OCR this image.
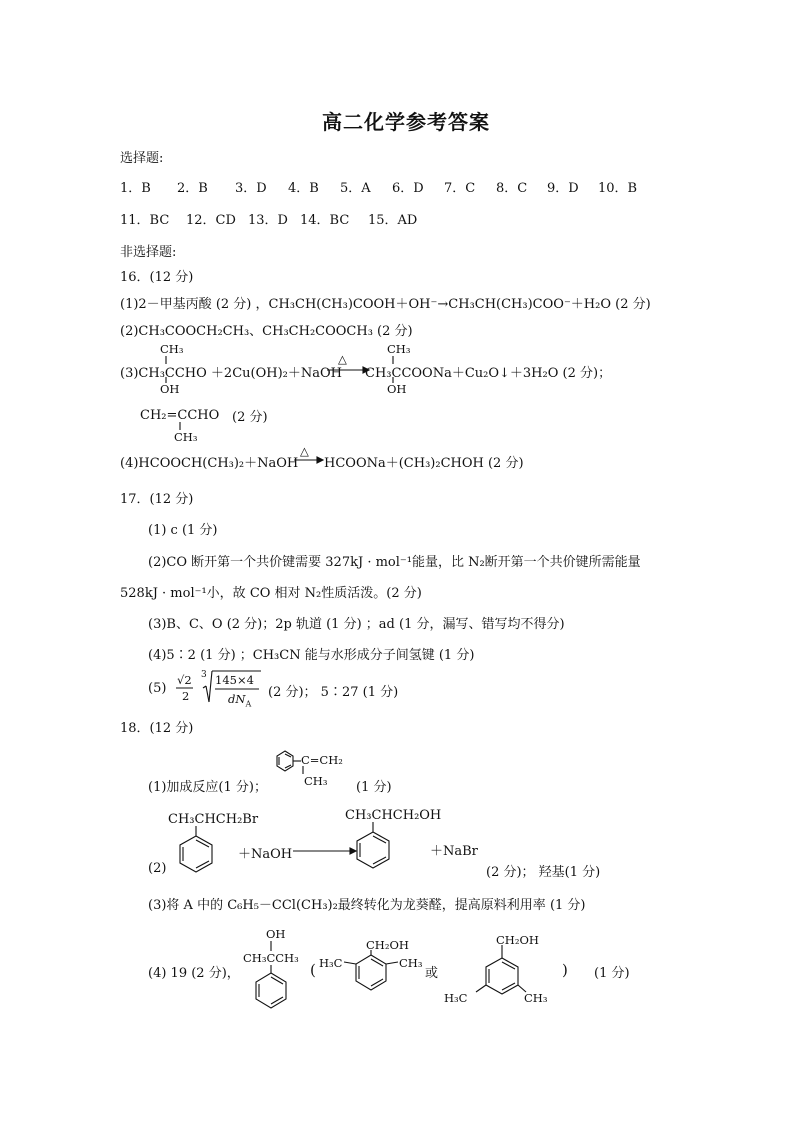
高二化学参考答案
选择题:
1．B 2．B 3．D 4．B 5．A 6．D 7．C 8．C 9．D 10．B
11．BC 12．CD 13．D 14．BC 15．AD
非选择题:
16．(12 分)
(1)2－甲基丙酸 (2 分) ，CH₃CH(CH₃)COOH＋OH⁻→CH₃CH(CH₃)COO⁻＋H₂O (2 分)
(2)CH₃COOCH₂CH₃、CH₃CH₂COOCH₃ (2 分)
CH₃
(3)CH₃CCHO ＋2Cu(OH)₂＋NaOH
OH
△
CH₃
CH₃CCOONa＋Cu₂O↓＋3H₂O (2 分)；
OH
CH₂=CCHO (2 分)
CH₃
△
(4)HCOOCH(CH₃)₂＋NaOH HCOONa＋(CH₃)₂CHOH (2 分)
17．(12 分)
(1) c (1 分)
(2)CO 断开第一个共价键需要 327kJ · mol⁻¹能量，比 N₂断开第一个共价键所需能量
528kJ · mol⁻¹小，故 CO 相对 N₂性质活泼。(2 分)
(3)B、C、O (2 分)；2p 轨道 (1 分) ；ad (1 分，漏写、错写均不得分)
(4)5∶2 (1 分) ；CH₃CN 能与水形成分子间氢键 (1 分)
(5)
√2
2
3 145×4
$dN_A$
(2 分)； 5∶27 (1 分)
18．(12 分)
(1)加成反应(1 分)；
C=CH₂
CH₃ (1 分)
CH₃CHCH₂Br
＋NaOH
CH₃CHCH₂OH
＋NaBr
(2)	(2 分)； 羟基(1 分)
(3)将 A 中的 C₆H₅－CCl(CH₃)₂最终转化为龙葵醛，提高原料利用率 (1 分)
(4) 19 (2 分)，
OH
CH₃CCH₃
( H₃C
CH₂OH
CH₃
或
CH₂OH
H₃C	CH₃
) (1 分)
